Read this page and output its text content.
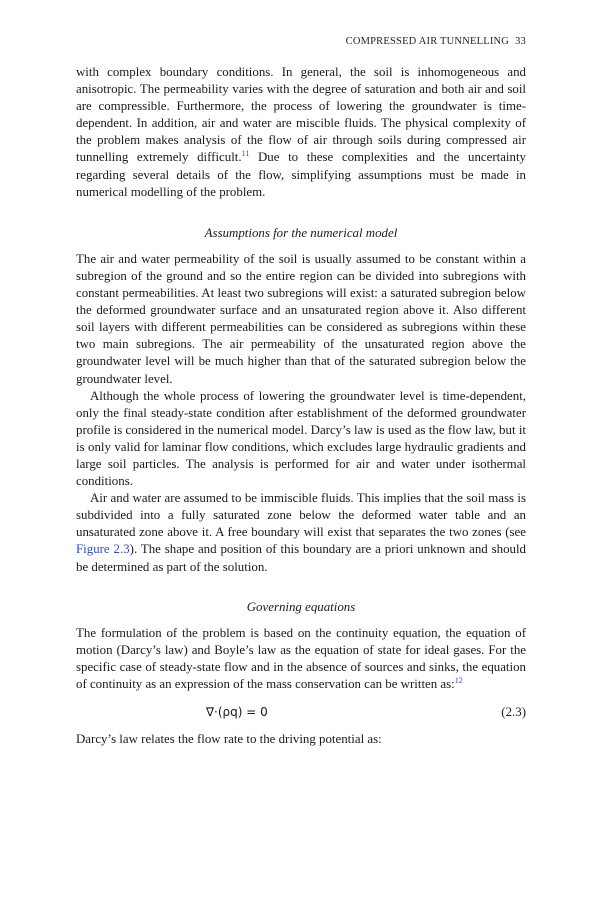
COMPRESSED AIR TUNNELLING 33

with complex boundary conditions. In general, the soil is inhomogeneous and anisotropic. The permeability varies with the degree of saturation and both air and soil are compressible. Furthermore, the process of lowering the groundwater is time-dependent. In addition, air and water are miscible fluids. The physical complexity of the problem makes analysis of the flow of air through soils during compressed air tunnelling extremely difficult.$^{11}$ Due to these complexities and the uncertainty regarding several details of the flow, simplifying assumptions must be made in numerical modelling of the problem.

Assumptions for the numerical model

The air and water permeability of the soil is usually assumed to be constant within a subregion of the ground and so the entire region can be divided into subregions with constant permeabilities. At least two subregions will exist: a saturated subregion below the deformed groundwater surface and an unsaturated region above it. Also different soil layers with different permeabilities can be considered as subregions within these two main subregions. The air permeability of the unsaturated region above the groundwater level will be much higher than that of the saturated subregion below the groundwater level.

Although the whole process of lowering the groundwater level is time-dependent, only the final steady-state condition after establishment of the deformed groundwater profile is considered in the numerical model. Darcy’s law is used as the flow law, but it is only valid for laminar flow conditions, which excludes large hydraulic gradients and large soil particles. The analysis is performed for air and water under isothermal conditions.

Air and water are assumed to be immiscible fluids. This implies that the soil mass is subdivided into a fully saturated zone below the deformed water table and an unsaturated zone above it. A free boundary will exist that separates the two zones (see Figure 2.3). The shape and position of this boundary are a priori unknown and should be determined as part of the solution.

Governing equations

The formulation of the problem is based on the continuity equation, the equation of motion (Darcy’s law) and Boyle’s law as the equation of state for ideal gases. For the specific case of steady-state flow and in the absence of sources and sinks, the equation of continuity as an expression of the mass conservation can be written as:$^{12}$

∇·(ρq) = 0	(2.3)

Darcy’s law relates the flow rate to the driving potential as:
